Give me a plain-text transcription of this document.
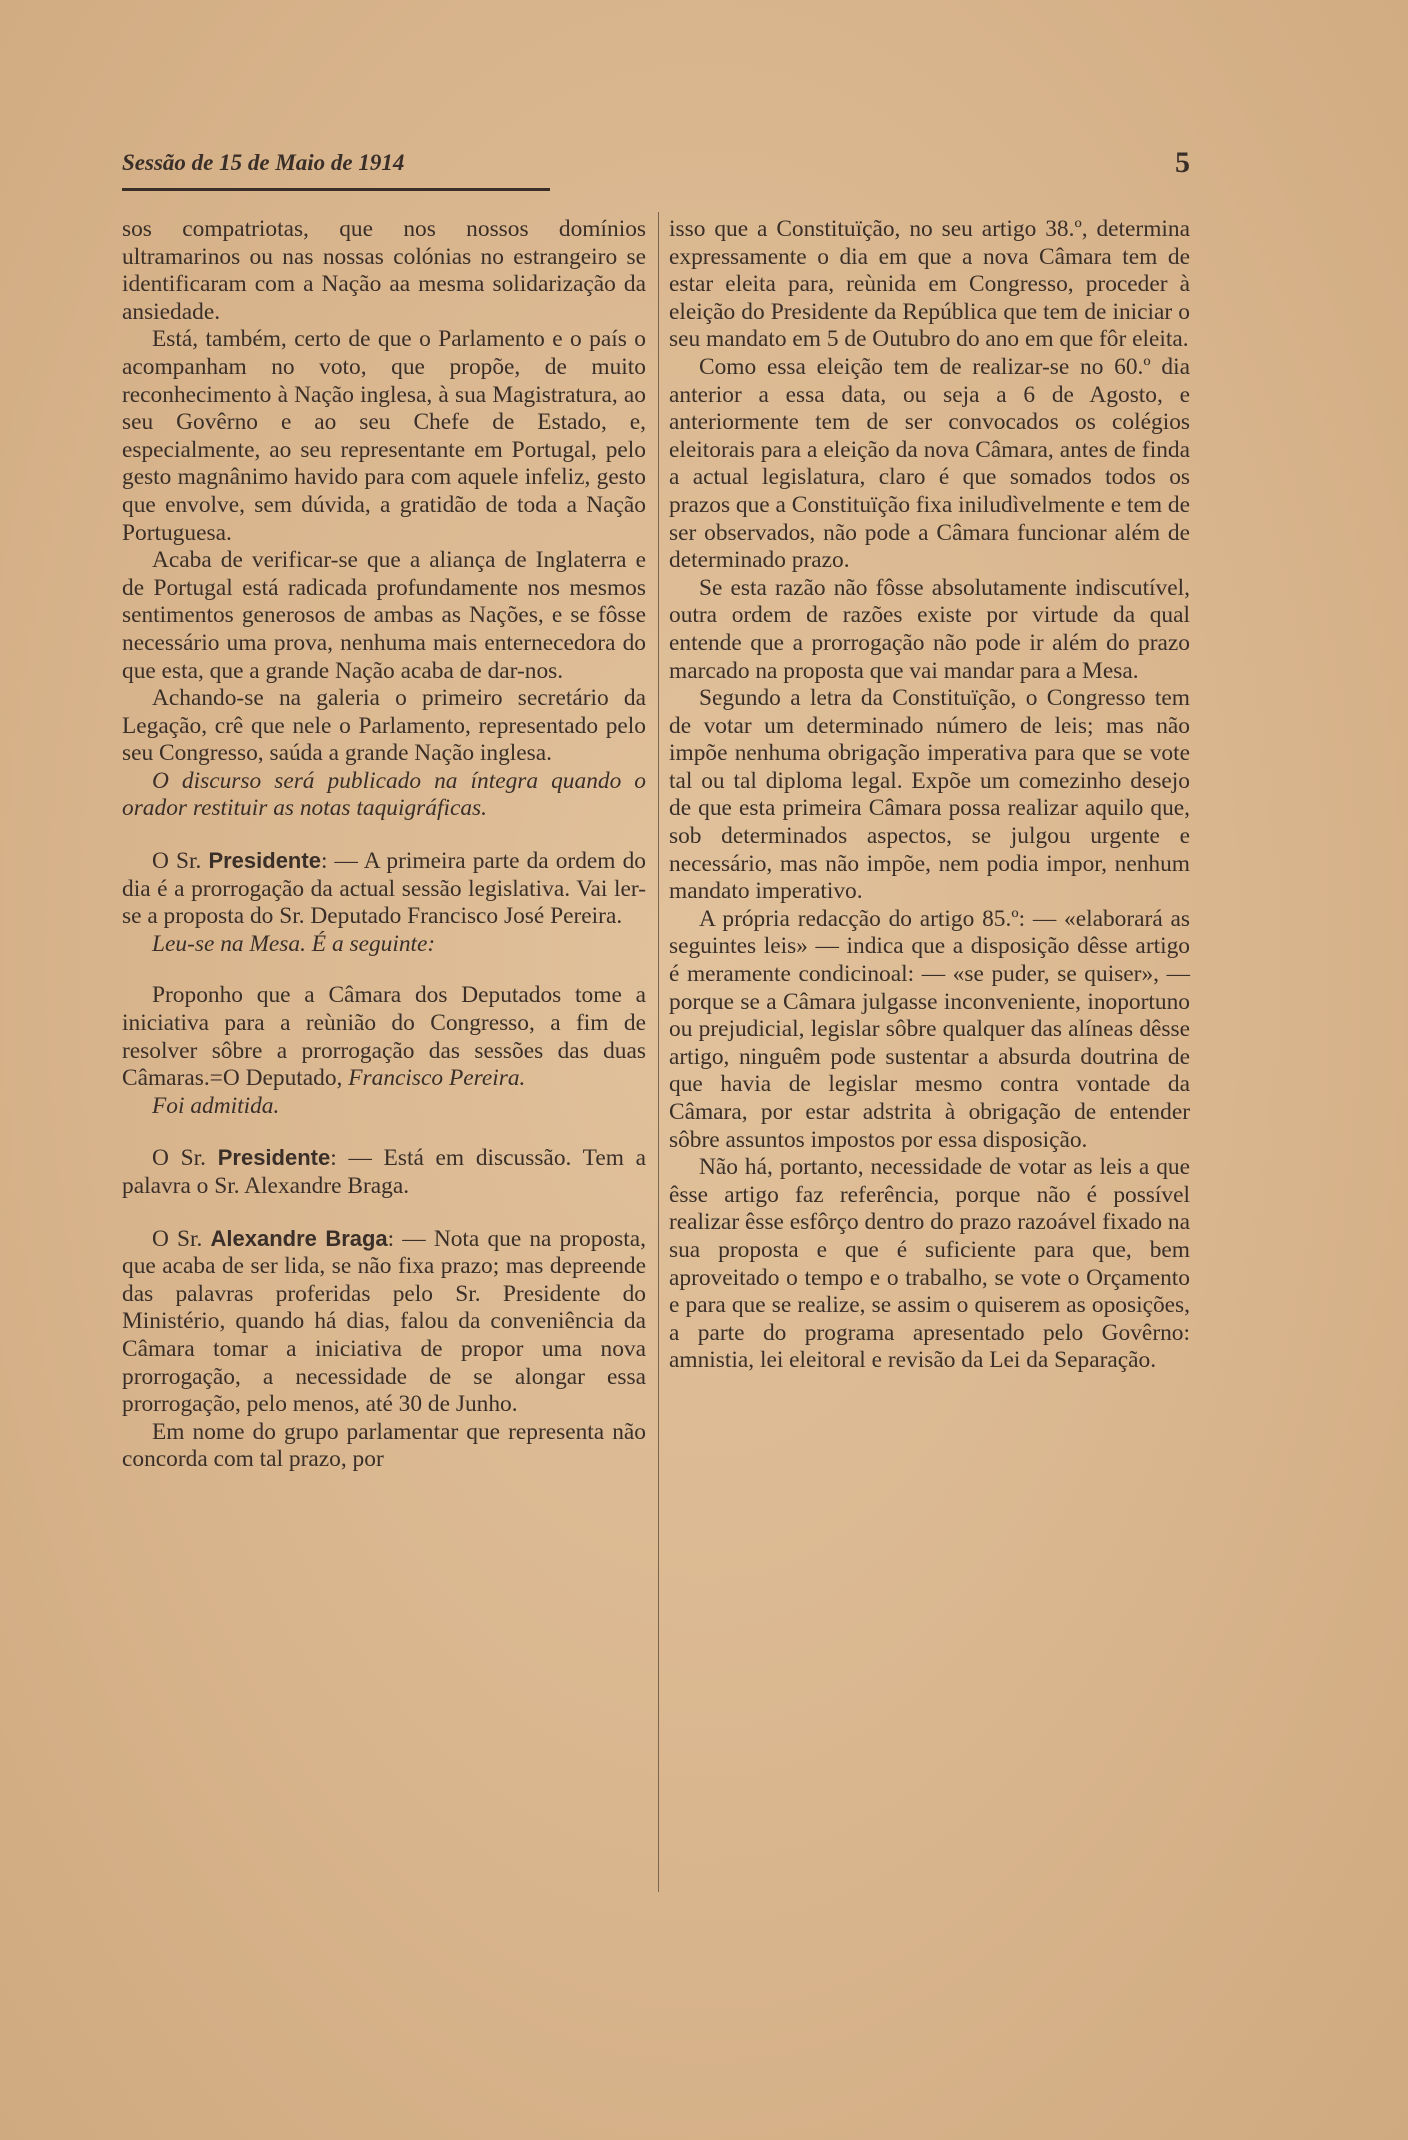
Sessão de 15 de Maio de 1914	5

sos compatriotas, que nos nossos domínios ultramarinos ou nas nossas colónias no estrangeiro se identificaram com a Nação aa mesma solidarização da ansiedade.

Está, também, certo de que o Parlamento e o país o acompanham no voto, que propõe, de muito reconhecimento à Nação inglesa, à sua Magistratura, ao seu Govêrno e ao seu Chefe de Estado, e, especialmente, ao seu representante em Portugal, pelo gesto magnânimo havido para com aquele infeliz, gesto que envolve, sem dúvida, a gratidão de toda a Nação Portuguesa.

Acaba de verificar-se que a aliança de Inglaterra e de Portugal está radicada profundamente nos mesmos sentimentos generosos de ambas as Nações, e se fôsse necessário uma prova, nenhuma mais enternecedora do que esta, que a grande Nação acaba de dar-nos.

Achando-se na galeria o primeiro secretário da Legação, crê que nele o Parlamento, representado pelo seu Congresso, saúda a grande Nação inglesa.

O discurso será publicado na íntegra quando o orador restituir as notas taquigráficas.

O Sr. Presidente: — A primeira parte da ordem do dia é a prorrogação da actual sessão legislativa. Vai ler-se a proposta do Sr. Deputado Francisco José Pereira.

Leu-se na Mesa. É a seguinte:

Proponho que a Câmara dos Deputados tome a iniciativa para a reùnião do Congresso, a fim de resolver sôbre a prorrogação das sessões das duas Câmaras.=O Deputado, Francisco Pereira.

Foi admitida.

O Sr. Presidente: — Está em discussão. Tem a palavra o Sr. Alexandre Braga.

O Sr. Alexandre Braga: — Nota que na proposta, que acaba de ser lida, se não fixa prazo; mas depreende das palavras proferidas pelo Sr. Presidente do Ministério, quando há dias, falou da conveniência da Câmara tomar a iniciativa de propor uma nova prorrogação, a necessidade de se alongar essa prorrogação, pelo menos, até 30 de Junho.

Em nome do grupo parlamentar que representa não concorda com tal prazo, por

isso que a Constituïção, no seu artigo 38.º, determina expressamente o dia em que a nova Câmara tem de estar eleita para, reùnida em Congresso, proceder à eleição do Presidente da República que tem de iniciar o seu mandato em 5 de Outubro do ano em que fôr eleita.

Como essa eleição tem de realizar-se no 60.º dia anterior a essa data, ou seja a 6 de Agosto, e anteriormente tem de ser convocados os colégios eleitorais para a eleição da nova Câmara, antes de finda a actual legislatura, claro é que somados todos os prazos que a Constituïção fixa iniludìvelmente e tem de ser observados, não pode a Câmara funcionar além de determinado prazo.

Se esta razão não fôsse absolutamente indiscutível, outra ordem de razões existe por virtude da qual entende que a prorrogação não pode ir além do prazo marcado na proposta que vai mandar para a Mesa.

Segundo a letra da Constituïção, o Congresso tem de votar um determinado número de leis; mas não impõe nenhuma obrigação imperativa para que se vote tal ou tal diploma legal. Expõe um comezinho desejo de que esta primeira Câmara possa realizar aquilo que, sob determinados aspectos, se julgou urgente e necessário, mas não impõe, nem podia impor, nenhum mandato imperativo.

A própria redacção do artigo 85.º: — «elaborará as seguintes leis» — indica que a disposição dêsse artigo é meramente condicinoal: — «se puder, se quiser», — porque se a Câmara julgasse inconveniente, inoportuno ou prejudicial, legislar sôbre qualquer das alíneas dêsse artigo, ninguêm pode sustentar a absurda doutrina de que havia de legislar mesmo contra vontade da Câmara, por estar adstrita à obrigação de entender sôbre assuntos impostos por essa disposição.

Não há, portanto, necessidade de votar as leis a que êsse artigo faz referência, porque não é possível realizar êsse esfôrço dentro do prazo razoável fixado na sua proposta e que é suficiente para que, bem aproveitado o tempo e o trabalho, se vote o Orçamento e para que se realize, se assim o quiserem as oposições, a parte do programa apresentado pelo Govêrno: amnistia, lei eleitoral e revisão da Lei da Separação.
